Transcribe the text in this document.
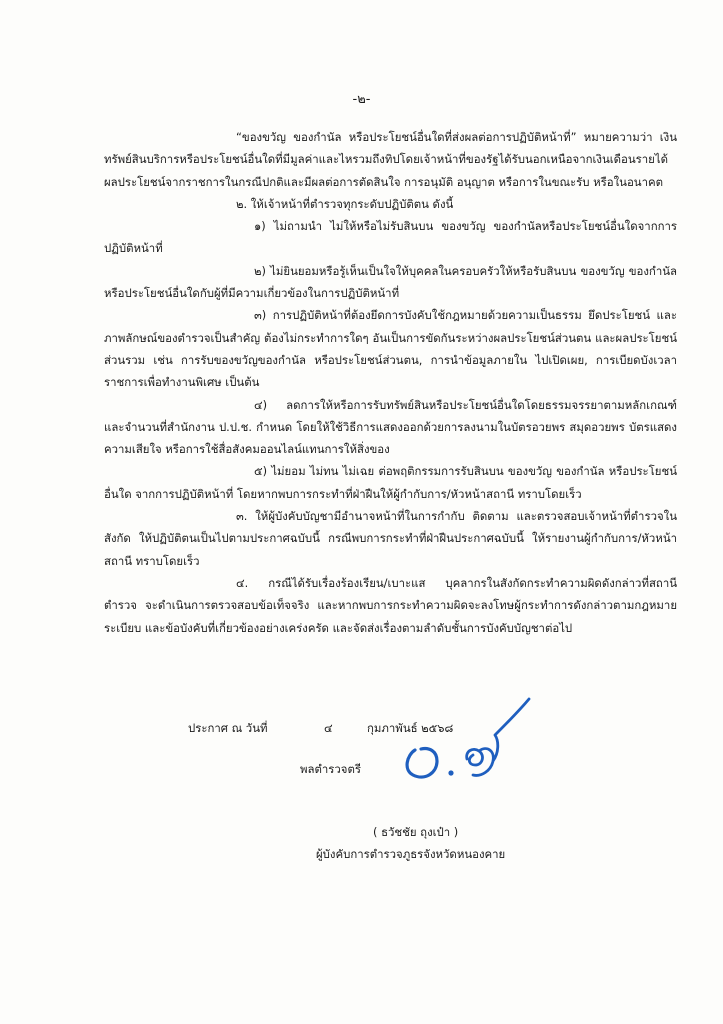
-๒-

“ของขวัญ ของกำนัล หรือประโยชน์อื่นใดที่ส่งผลต่อการปฏิบัติหน้าที่” หมายความว่า เงินทรัพย์สินบริการหรือประโยชน์อื่นใดที่มีมูลค่าและไหรวมถึงทิปโดยเจ้าหน้าที่ของรัฐได้รับนอกเหนือจากเงินเดือนรายได้ผลประโยชน์จากราชการในกรณีปกติและมีผลต่อการตัดสินใจ การอนุมัติ อนุญาต หรือการในขณะรับ หรือในอนาคต

๒. ให้เจ้าหน้าที่ตำรวจทุกระดับปฏิบัติตน ดังนี้

๑) ไม่ถามนำ ไม่ให้หรือไม่รับสินบน ของขวัญ ของกำนัลหรือประโยชน์อื่นใดจากการปฏิบัติหน้าที่

๒) ไม่ยินยอมหรือรู้เห็นเป็นใจให้บุคคลในครอบครัวให้หรือรับสินบน ของขวัญ ของกำนัล หรือประโยชน์อื่นใดกับผู้ที่มีความเกี่ยวข้องในการปฏิบัติหน้าที่

๓) การปฏิบัติหน้าที่ต้องยึดการบังคับใช้กฎหมายด้วยความเป็นธรรม ยึดประโยชน์ และภาพลักษณ์ของตำรวจเป็นสำคัญ ต้องไม่กระทำการใดๆ อันเป็นการขัดกันระหว่างผลประโยชน์ส่วนตน และผลประโยชน์ส่วนรวม เช่น การรับของขวัญของกำนัล หรือประโยชน์ส่วนตน, การนำข้อมูลภายใน ไปเปิดเผย, การเบียดบังเวลาราชการเพื่อทำงานพิเศษ เป็นต้น

๔) ลดการให้หรือการรับทรัพย์สินหรือประโยชน์อื่นใดโดยธรรมจรรยาตามหลักเกณฑ์ และจำนวนที่สำนักงาน ป.ป.ช. กำหนด โดยให้ใช้วิธีการแสดงออกด้วยการลงนามในบัตรอวยพร สมุดอวยพร บัตรแสดงความเสียใจ หรือการใช้สื่อสังคมออนไลน์แทนการให้สิ่งของ

๕) ไม่ยอม ไม่ทน ไม่เฉย ต่อพฤติกรรมการรับสินบน ของขวัญ ของกำนัล หรือประโยชน์อื่นใด จากการปฏิบัติหน้าที่ โดยหากพบการกระทำที่ฝ่าฝืนให้ผู้กำกับการ/หัวหน้าสถานี ทราบโดยเร็ว

๓. ให้ผู้บังคับบัญชามีอำนาจหน้าที่ในการกำกับ ติดตาม และตรวจสอบเจ้าหน้าที่ตำรวจในสังกัด ให้ปฏิบัติตนเป็นไปตามประกาศฉบับนี้ กรณีพบการกระทำที่ฝ่าฝืนประกาศฉบับนี้ ให้รายงานผู้กำกับการ/หัวหน้าสถานี ทราบโดยเร็ว

๔. กรณีได้รับเรื่องร้องเรียน/เบาะแส บุคลากรในสังกัดกระทำความผิดดังกล่าวที่สถานีตำรวจ จะดำเนินการตรวจสอบข้อเท็จจริง และหากพบการกระทำความผิดจะลงโทษผู้กระทำการดังกล่าวตามกฎหมาย ระเบียบ และข้อบังคับที่เกี่ยวข้องอย่างเคร่งครัด และจัดส่งเรื่องตามลำดับชั้นการบังคับบัญชาต่อไป

ประกาศ ณ วันที่	๔	กุมภาพันธ์ ๒๕๖๘
พลตำรวจตรี
( ธวัชชัย ถุงเป๋า )
ผู้บังคับการตำรวจภูธรจังหวัดหนองคาย
